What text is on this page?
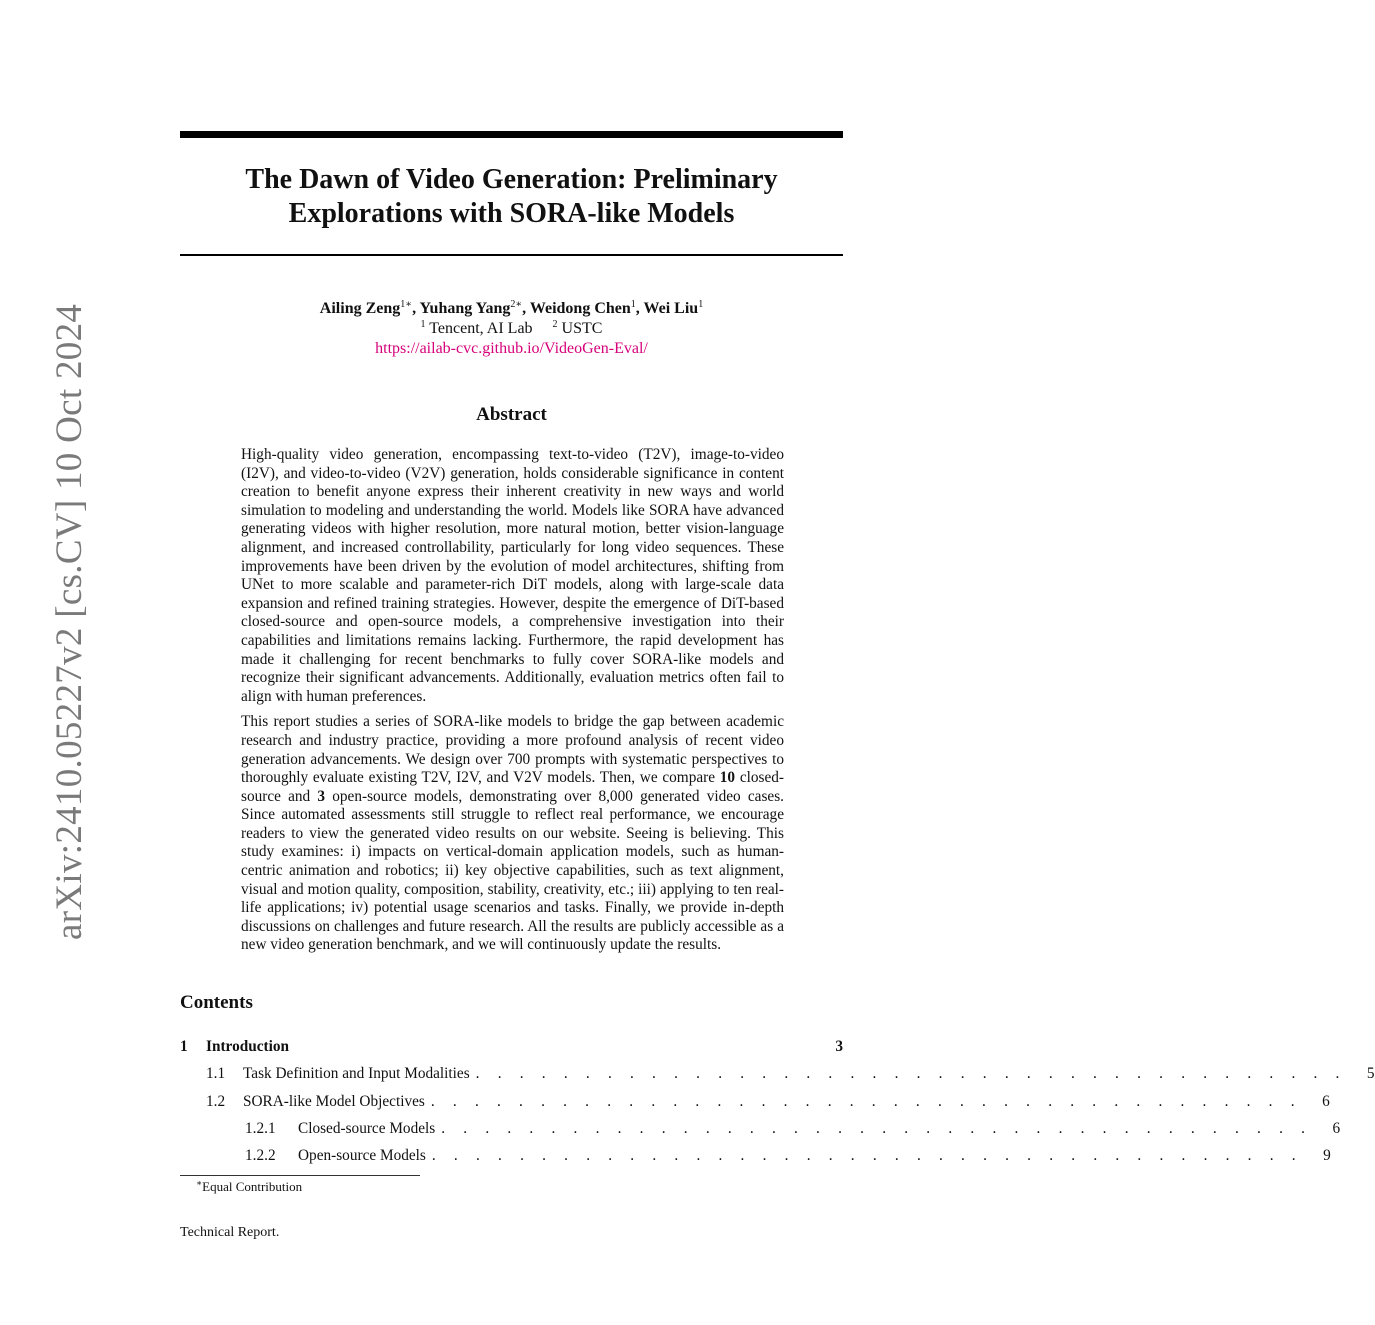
arXiv:2410.05227v2 [cs.CV] 10 Oct 2024
The Dawn of Video Generation: Preliminary
Explorations with SORA-like Models
Ailing Zeng$^{1∗}$, Yuhang Yang$^{2∗}$, Weidong Chen$^1$, Wei Liu$^1$
$^1$ Tencent, AI Lab $^2$ USTC
https://ailab-cvc.github.io/VideoGen-Eval/
Abstract

High-quality video generation, encompassing text-to-video (T2V), image-to-video (I2V), and video-to-video (V2V) generation, holds considerable significance in content creation to benefit anyone express their inherent creativity in new ways and world simulation to modeling and understanding the world. Models like SORA have advanced generating videos with higher resolution, more natural motion, better vision-language alignment, and increased controllability, particularly for long video sequences. These improvements have been driven by the evolution of model architectures, shifting from UNet to more scalable and parameter-rich DiT models, along with large-scale data expansion and refined training strategies. However, despite the emergence of DiT-based closed-source and open-source models, a comprehensive investigation into their capabilities and limitations remains lacking. Furthermore, the rapid development has made it challenging for recent benchmarks to fully cover SORA-like models and recognize their significant advancements. Additionally, evaluation metrics often fail to align with human preferences.

This report studies a series of SORA-like models to bridge the gap between academic research and industry practice, providing a more profound analysis of recent video generation advancements. We design over 700 prompts with systematic perspectives to thoroughly evaluate existing T2V, I2V, and V2V models. Then, we compare 10 closed-source and 3 open-source models, demonstrating over 8,000 generated video cases. Since automated assessments still struggle to reflect real performance, we encourage readers to view the generated video results on our website. Seeing is believing. This study examines: i) impacts on vertical-domain application models, such as human-centric animation and robotics; ii) key objective capabilities, such as text alignment, visual and motion quality, composition, stability, creativity, etc.; iii) applying to ten real-life applications; iv) potential usage scenarios and tasks. Finally, we provide in-depth discussions on challenges and future research. All the results are publicly accessible as a new video generation benchmark, and we will continuously update the results.

Contents
1	Introduction	3
1.1	Task Definition and Input Modalities . . . . . . . . . . . . . . . . . . . . . . . . . . . . . . . . . . . . . . . .	5
1.2	SORA-like Model Objectives . . . . . . . . . . . . . . . . . . . . . . . . . . . . . . . . . . . . . . . .	6
1.2.1	Closed-source Models . . . . . . . . . . . . . . . . . . . . . . . . . . . . . . . . . . . . . . . .	6
1.2.2	Open-source Models . . . . . . . . . . . . . . . . . . . . . . . . . . . . . . . . . . . . . . . .	9
∗Equal Contribution
Technical Report.
